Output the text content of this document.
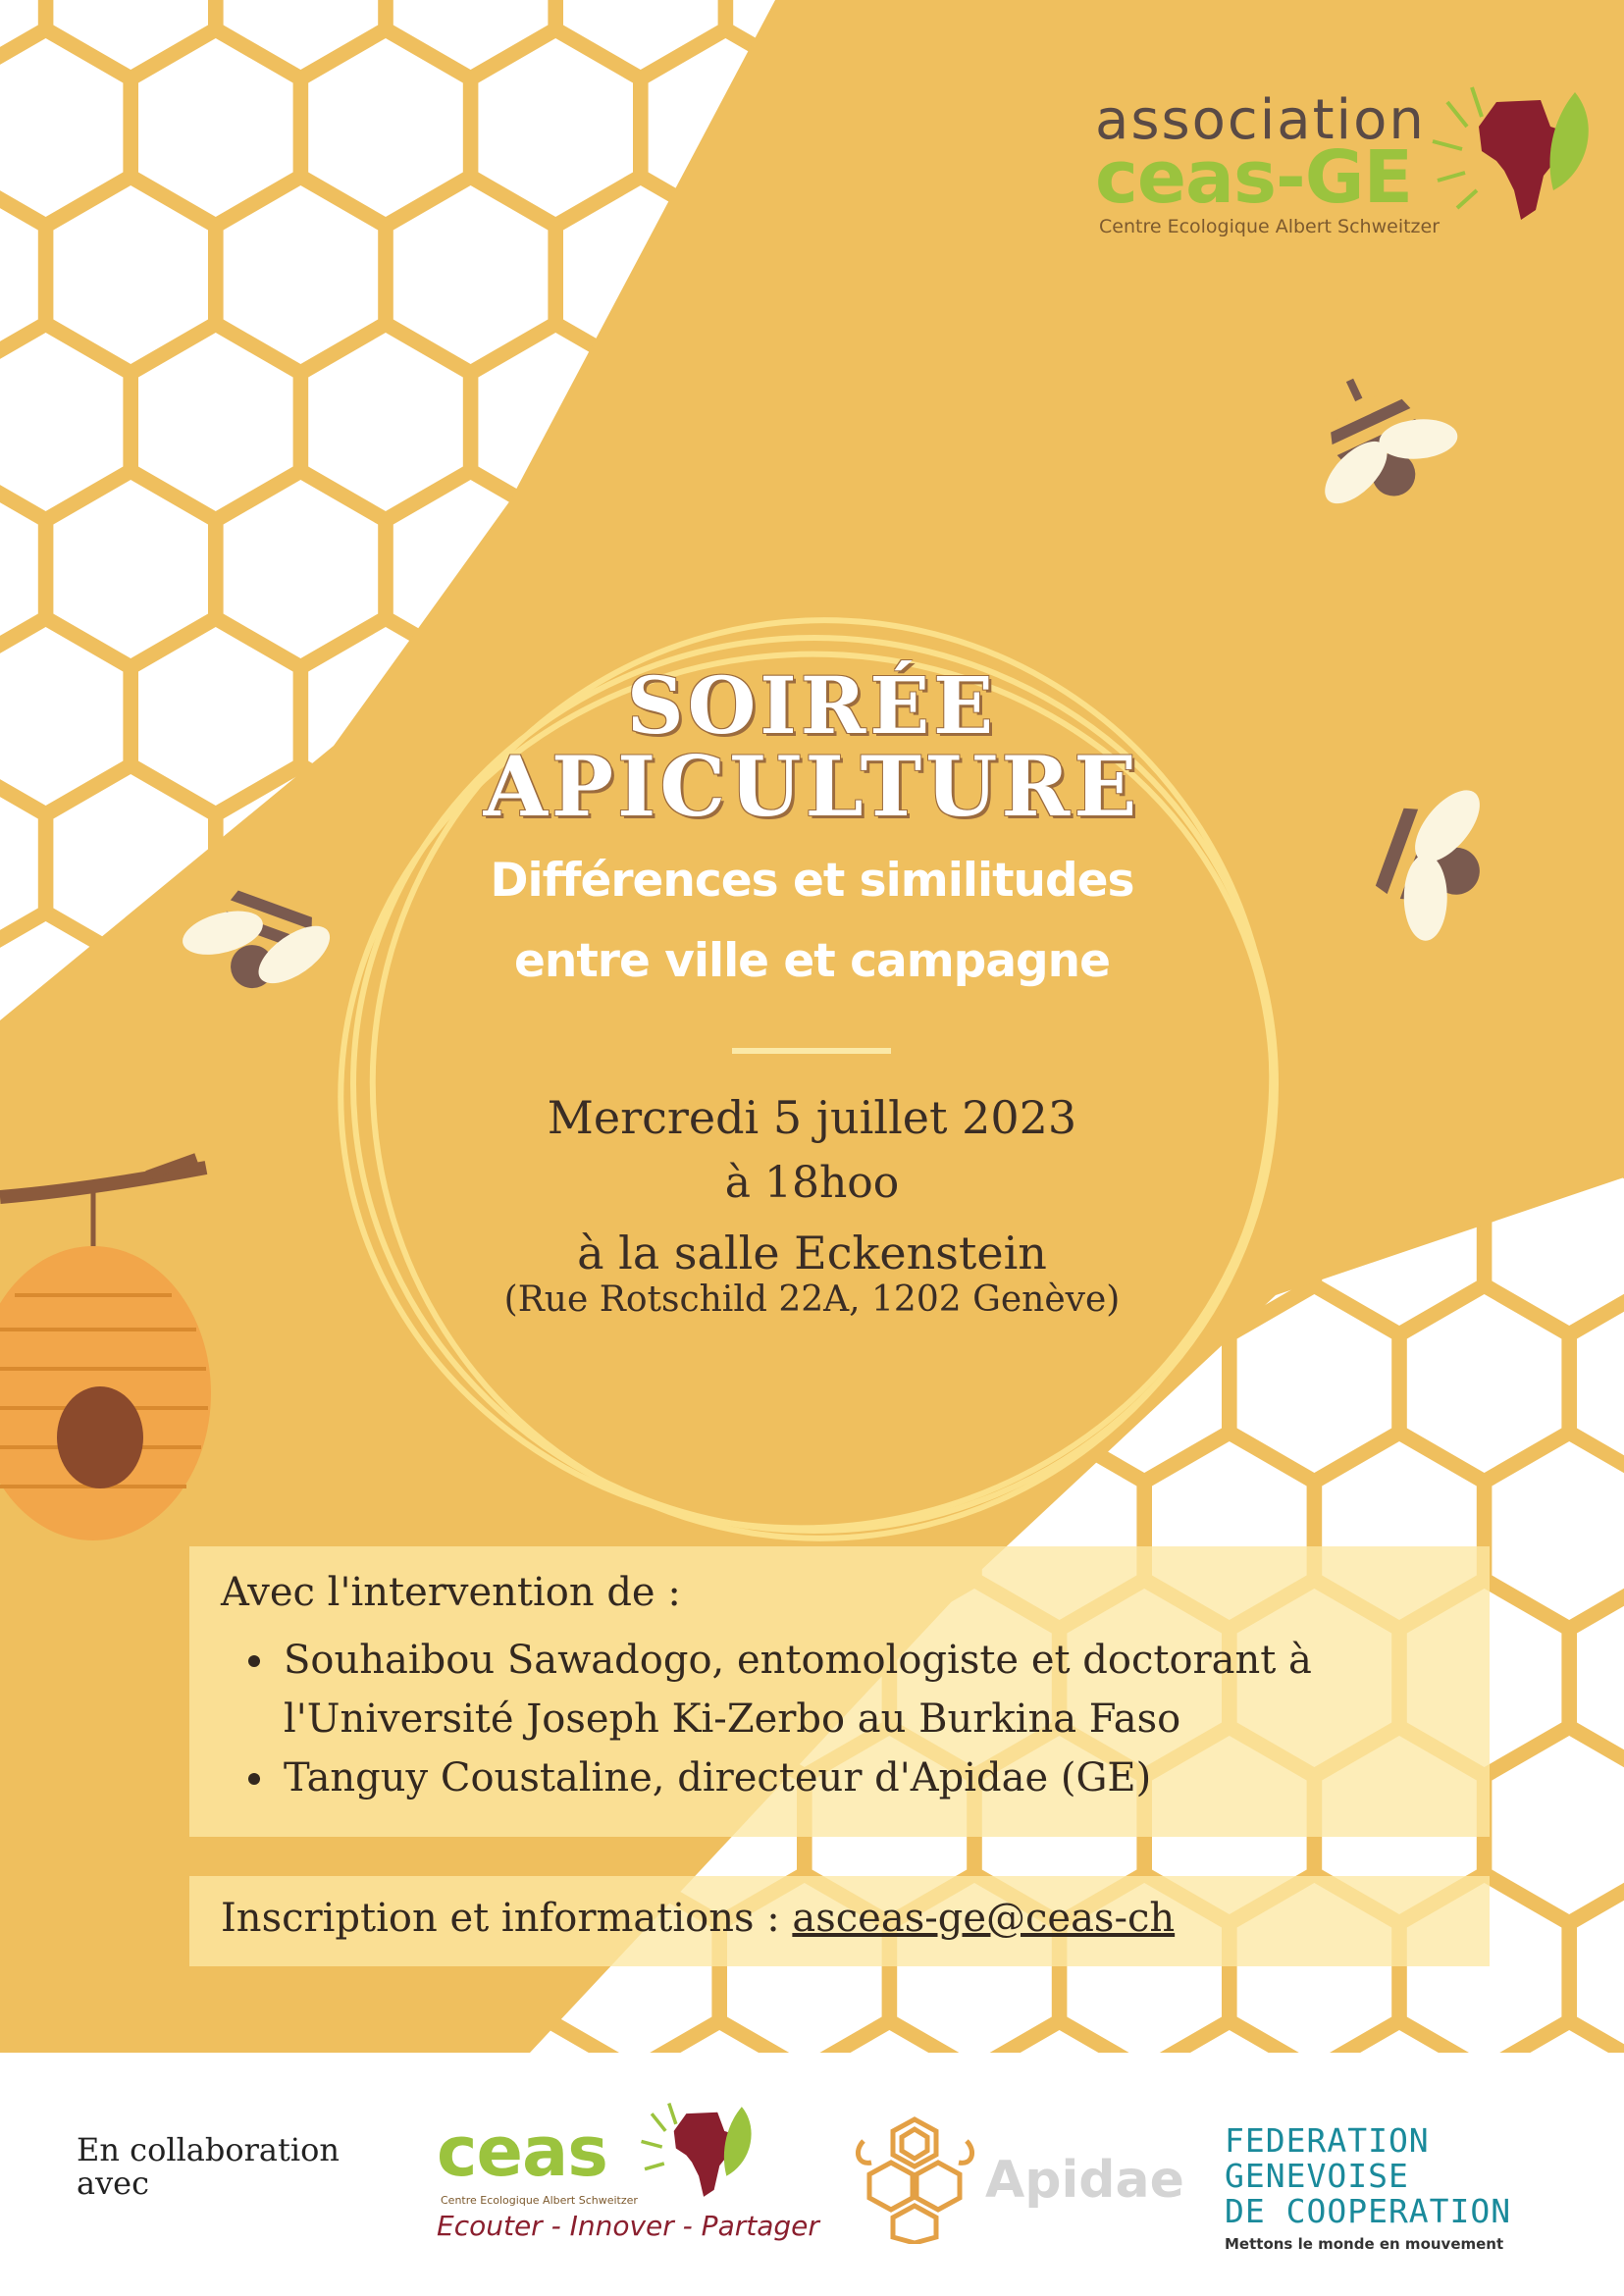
association
ceas-GE
Centre Ecologique Albert Schweitzer
SOIRÉE
APICULTURE
Différences et similitudes
entre ville et campagne
Mercredi 5 juillet 2023
à 18hoo
à la salle Eckenstein
(Rue Rotschild 22A, 1202 Genève)
Avec l'intervention de :
Souhaibou Sawadogo, entomologiste et doctorant à
l'Université Joseph Ki-Zerbo au Burkina Faso
Tanguy Coustaline, directeur d'Apidae (GE)
Inscription et informations : asceas-ge@ceas-ch
En collaboration
avec	ceas
Centre Ecologique Albert Schweitzer
Ecouter - Innover - Partager
Apidae
FEDERATION
GENEVOISE
DE COOPERATION
Mettons le monde en mouvement
